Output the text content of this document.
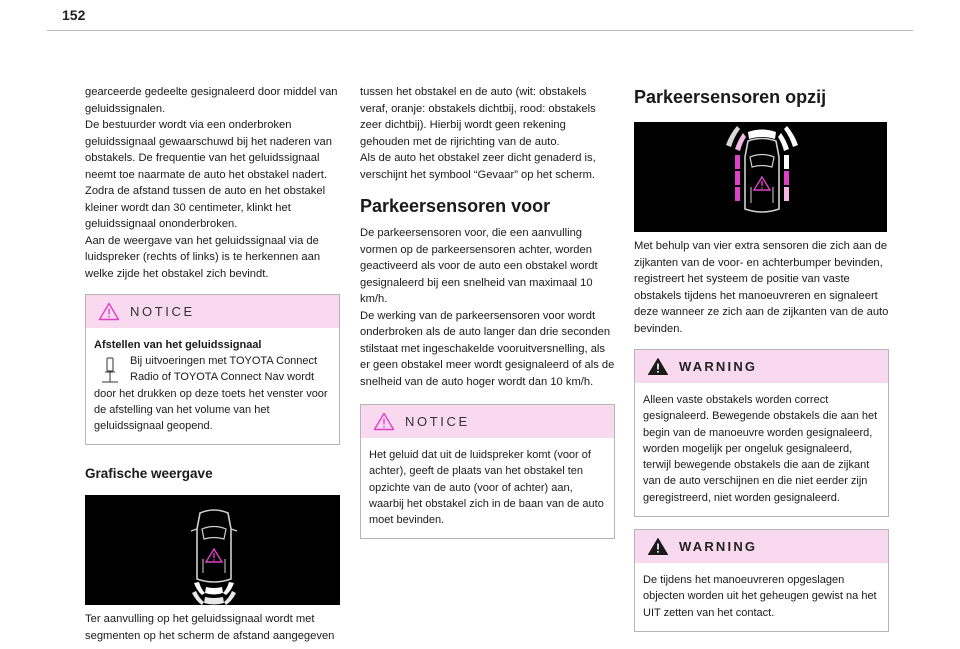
152

gearceerde gedeelte gesignaleerd door middel van
geluidssignalen.
De bestuurder wordt via een onderbroken
geluidssignaal gewaarschuwd bij het naderen van
obstakels. De frequentie van het geluidssignaal
neemt toe naarmate de auto het obstakel nadert.
Zodra de afstand tussen de auto en het obstakel
kleiner wordt dan 30 centimeter, klinkt het
geluidssignaal ononderbroken.
Aan de weergave van het geluidssignaal via de
luidspreker (rechts of links) is te herkennen aan
welke zijde het obstakel zich bevindt.

NOTICE

Afstellen van het geluidssignaal

Bij uitvoeringen met TOYOTA Connect

Radio of TOYOTA Connect Nav wordt

door het drukken op deze toets het venster voor
de afstelling van het volume van het
geluidssignaal geopend.

Grafische weergave

Ter aanvulling op het geluidssignaal wordt met
segmenten op het scherm de afstand aangegeven

tussen het obstakel en de auto (wit: obstakels
veraf, oranje: obstakels dichtbij, rood: obstakels
zeer dichtbij). Hierbij wordt geen rekening
gehouden met de rijrichting van de auto.
Als de auto het obstakel zeer dicht genaderd is,
verschijnt het symbool “Gevaar” op het scherm.

Parkeersensoren voor

De parkeersensoren voor, die een aanvulling
vormen op de parkeersensoren achter, worden
geactiveerd als voor de auto een obstakel wordt
gesignaleerd bij een snelheid van maximaal 10
km/h.
De werking van de parkeersensoren voor wordt
onderbroken als de auto langer dan drie seconden
stilstaat met ingeschakelde vooruitversnelling, als
er geen obstakel meer wordt gesignaleerd of als de
snelheid van de auto hoger wordt dan 10 km/h.

NOTICE

Het geluid dat uit de luidspreker komt (voor of
achter), geeft de plaats van het obstakel ten
opzichte van de auto (voor of achter) aan,
waarbij het obstakel zich in de baan van de auto
moet bevinden.

Parkeersensoren opzij

Met behulp van vier extra sensoren die zich aan de
zijkanten van de voor- en achterbumper bevinden,
registreert het systeem de positie van vaste
obstakels tijdens het manoeuvreren en signaleert
deze wanneer ze zich aan de zijkanten van de auto
bevinden.

WARNING

Alleen vaste obstakels worden correct
gesignaleerd. Bewegende obstakels die aan het
begin van de manoeuvre worden gesignaleerd,
worden mogelijk per ongeluk gesignaleerd,
terwijl bewegende obstakels die aan de zijkant
van de auto verschijnen en die niet eerder zijn
geregistreerd, niet worden gesignaleerd.

WARNING

De tijdens het manoeuvreren opgeslagen
objecten worden uit het geheugen gewist na het
UIT zetten van het contact.
